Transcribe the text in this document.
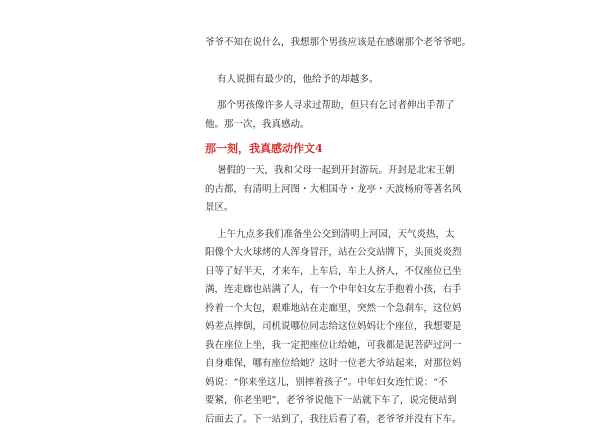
爷爷不知在说什么，我想那个男孩应该是在感谢那个老爷爷吧。

有人说拥有最少的，他给予的却越多。

那个男孩像许多人寻求过帮助，但只有乞讨者伸出手帮了
他。那一次，我真感动。

那一刻，我真感动作文4

暑假的一天，我和父母一起到开封游玩。开封是北宋王朝
的古都，有清明上河图・大相国寺・龙亭・天波杨府等著名风
景区。

上午九点多我们准备坐公交到清明上河园，天气炎热，太
阳像个大火球烤的人浑身冒汗，站在公交站牌下，头顶炎炎烈
日等了好半天，才来车，上车后，车上人挤人，不仅座位已坐
满，连走廊也站满了人，有一个中年妇女左手抱着小孩，右手
拎着一个大包，艰难地站在走廊里，突然一个急刹车，这位妈
妈差点摔倒，司机说哪位同志给这位妈妈让个座位，我想要是
我在座位上坐，我一定把座位让给她，可我都是泥菩萨过河一
自身难保，哪有座位给她？这时一位老大爷站起来，对那位妈
妈说：“你来坐这儿，别摔着孩子”。中年妇女连忙说：“不
要紧，你老坐吧”，老爷爷说他下一站就下车了，说完便站到
后面去了。下一站到了，我往后看了看，老爷爷并没有下车。
